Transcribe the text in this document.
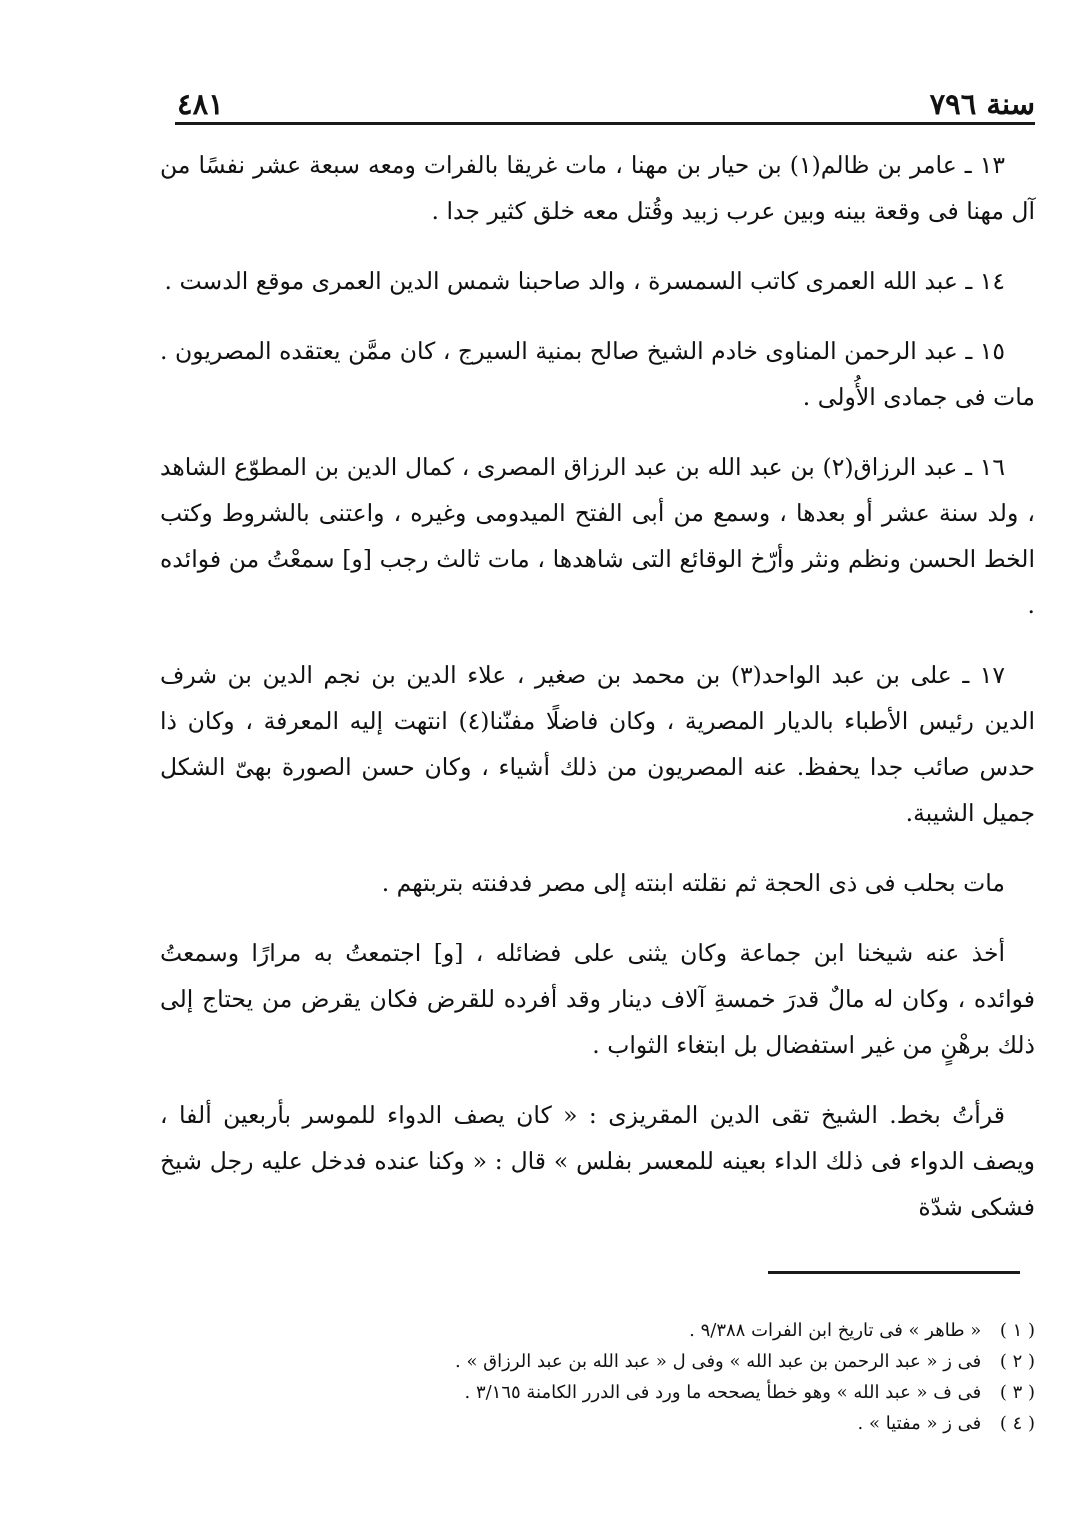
سنة ٧٩٦
٤٨١

١٣ ـ عامر بن ظالم(١) بن حيار بن مهنا ، مات غريقا بالفرات ومعه سبعة عشر نفسًا من آل مهنا فى وقعة بينه وبين عرب زبيد وقُتل معه خلق كثير جدا .

١٤ ـ عبد الله العمرى كاتب السمسرة ، والد صاحبنا شمس الدين العمرى موقع الدست .

١٥ ـ عبد الرحمن المناوى خادم الشيخ صالح بمنية السيرج ، كان ممَّن يعتقده المصريون . مات فى جمادى الأُولى .

١٦ ـ عبد الرزاق(٢) بن عبد الله بن عبد الرزاق المصرى ، كمال الدين بن المطوّع الشاهد ، ولد سنة عشر أو بعدها ، وسمع من أبى الفتح الميدومى وغيره ، واعتنى بالشروط وكتب الخط الحسن ونظم ونثر وأرّخ الوقائع التى شاهدها ، مات ثالث رجب [و] سمعْتُ من فوائده .

١٧ ـ على بن عبد الواحد(٣) بن محمد بن صغير ، علاء الدين بن نجم الدين بن شرف الدين رئيس الأطباء بالديار المصرية ، وكان فاضلًا مفنّنا(٤) انتهت إليه المعرفة ، وكان ذا حدس صائب جدا يحفظ. عنه المصريون من ذلك أشياء ، وكان حسن الصورة بهىّ الشكل جميل الشيبة.

مات بحلب فى ذى الحجة ثم نقلته ابنته إلى مصر فدفنته بتربتهم .

أخذ عنه شيخنا ابن جماعة وكان يثنى على فضائله ، [و] اجتمعتُ به مرارًا وسمعتُ فوائده ، وكان له مالٌ قدرَ خمسةِ آلاف دينار وقد أفرده للقرض فكان يقرض من يحتاج إلى ذلك برهْنٍ من غير استفضال بل ابتغاء الثواب .

قرأتُ بخط. الشيخ تقى الدين المقريزى : « كان يصف الدواء للموسر بأربعين ألفا ، ويصف الدواء فى ذلك الداء بعينه للمعسر بفلس » قال : « وكنا عنده فدخل عليه رجل شيخ فشكى شدّة

( ١ ) « طاهر » فى تاريخ ابن الفرات ٩/٣٨٨ .
( ٢ ) فى ز « عبد الرحمن بن عبد الله » وفى ل « عبد الله بن عبد الرزاق » .
( ٣ ) فى ف « عبد الله » وهو خطأ يصححه ما ورد فى الدرر الكامنة ٣/١٦٥ .
( ٤ ) فى ز « مفتيا » .
